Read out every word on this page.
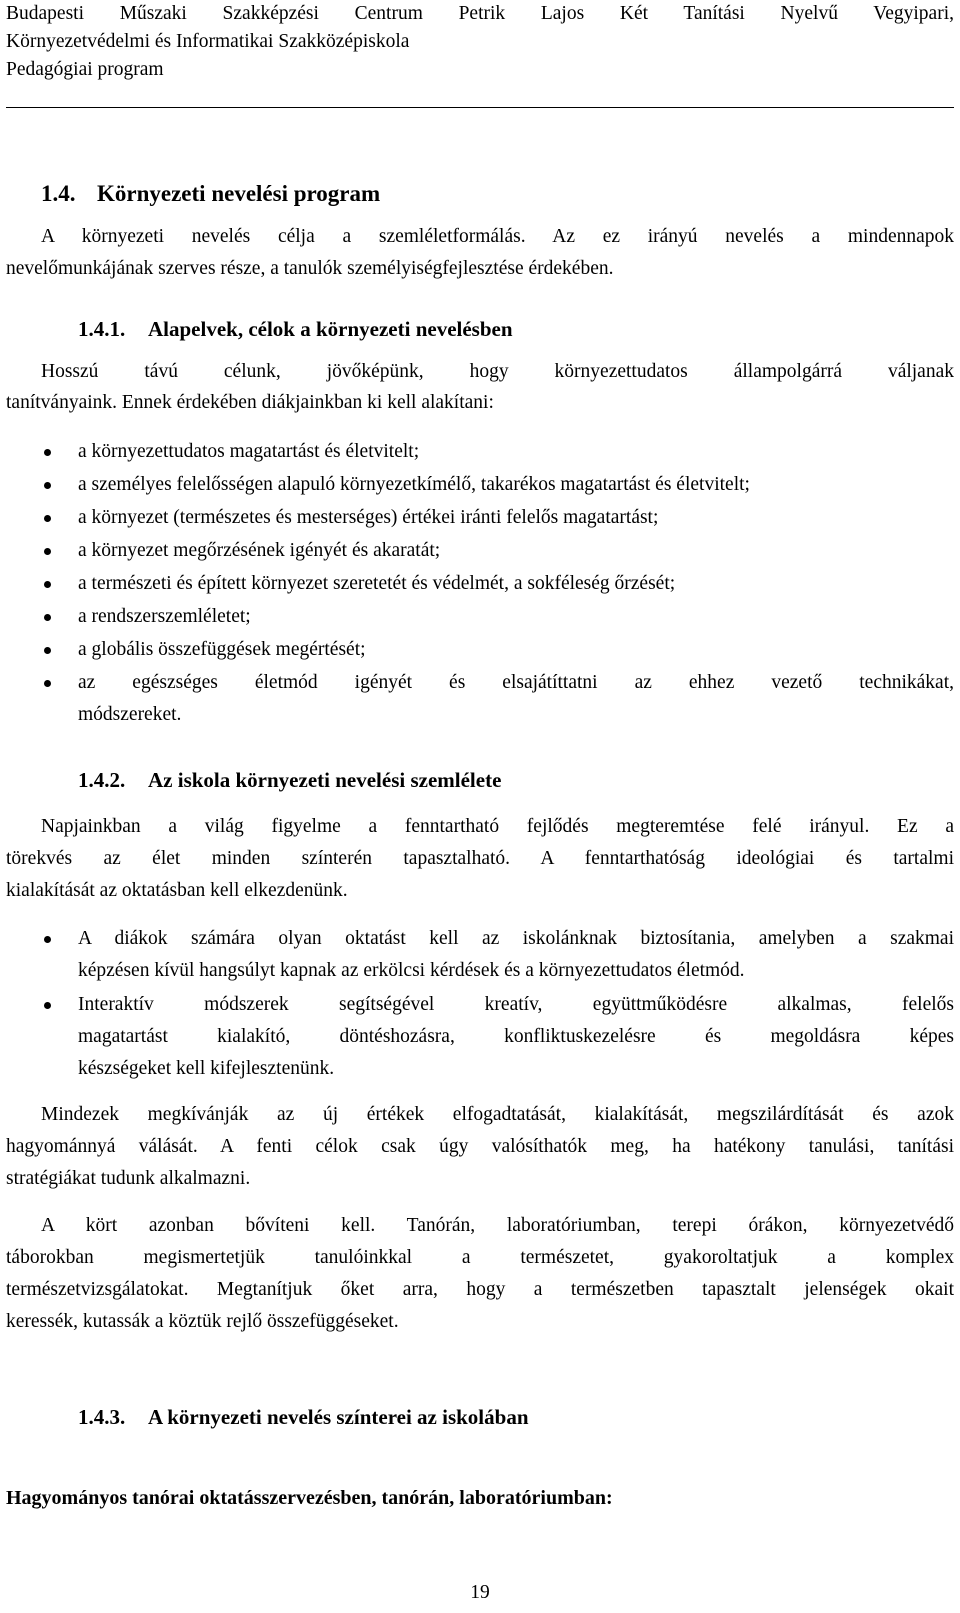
Budapesti Műszaki Szakképzési Centrum Petrik Lajos Két Tanítási Nyelvű Vegyipari,
Környezetvédelmi és Informatikai Szakközépiskola
Pedagógiai program
1.4. Környezeti nevelési program
A környezeti nevelés célja a szemléletformálás. Az ez irányú nevelés a mindennapok
nevelőmunkájának szerves része, a tanulók személyiségfejlesztése érdekében.
1.4.1. Alapelvek, célok a környezeti nevelésben
Hosszú távú célunk, jövőképünk, hogy környezettudatos állampolgárrá váljanak
tanítványaink. Ennek érdekében diákjainkban ki kell alakítani:
a környezettudatos magatartást és életvitelt;
a személyes felelősségen alapuló környezetkímélő, takarékos magatartást és életvitelt;
a környezet (természetes és mesterséges) értékei iránti felelős magatartást;
a környezet megőrzésének igényét és akaratát;
a természeti és épített környezet szeretetét és védelmét, a sokféleség őrzését;
a rendszerszemléletet;
a globális összefüggések megértését;
az egészséges életmód igényét és elsajátíttatni az ehhez vezető technikákat,
módszereket.
1.4.2. Az iskola környezeti nevelési szemlélete
Napjainkban a világ figyelme a fenntartható fejlődés megteremtése felé irányul. Ez a
törekvés az élet minden színterén tapasztalható. A fenntarthatóság ideológiai és tartalmi
kialakítását az oktatásban kell elkezdenünk.
A diákok számára olyan oktatást kell az iskolánknak biztosítania, amelyben a szakmai
képzésen kívül hangsúlyt kapnak az erkölcsi kérdések és a környezettudatos életmód.
Interaktív módszerek segítségével kreatív, együttműködésre alkalmas, felelős
magatartást kialakító, döntéshozásra, konfliktuskezelésre és megoldásra képes
készségeket kell kifejlesztenünk.
Mindezek megkívánják az új értékek elfogadtatását, kialakítását, megszilárdítását és azok
hagyománnyá válását. A fenti célok csak úgy valósíthatók meg, ha hatékony tanulási, tanítási
stratégiákat tudunk alkalmazni.
A kört azonban bővíteni kell. Tanórán, laboratóriumban, terepi órákon, környezetvédő
táborokban megismertetjük tanulóinkkal a természetet, gyakoroltatjuk a komplex
természetvizsgálatokat. Megtanítjuk őket arra, hogy a természetben tapasztalt jelenségek okait
keressék, kutassák a köztük rejlő összefüggéseket.
1.4.3. A környezeti nevelés színterei az iskolában
Hagyományos tanórai oktatásszervezésben, tanórán, laboratóriumban:
19
